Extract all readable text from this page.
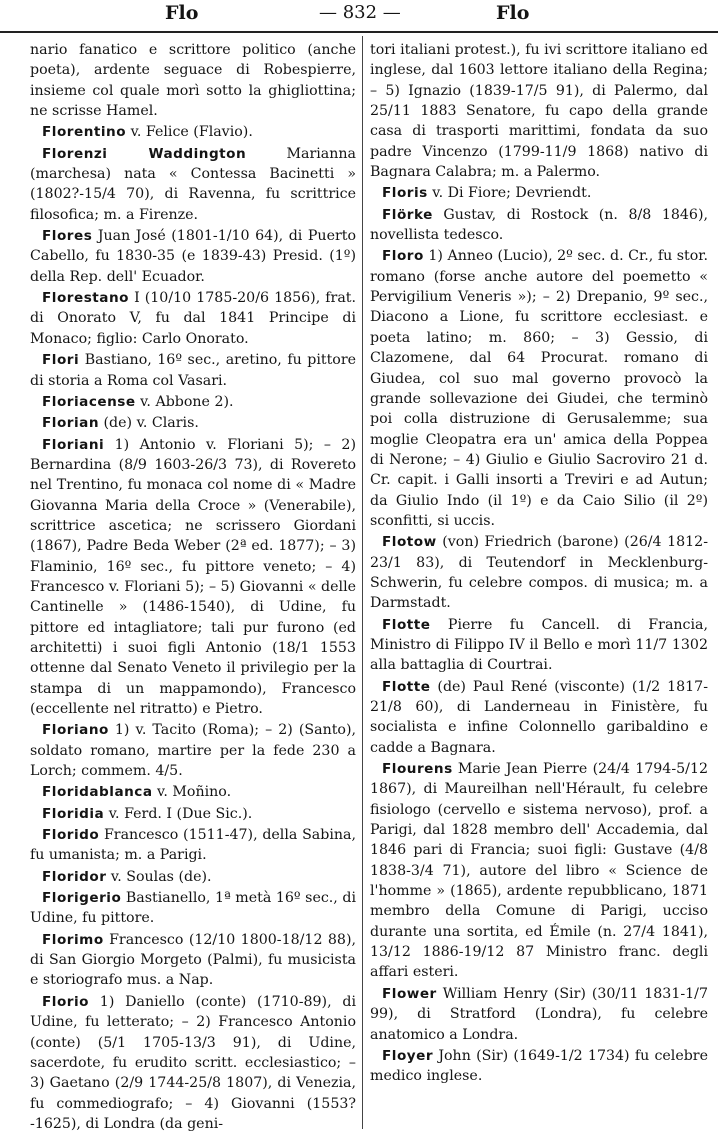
Flo	— 832 —	Flo

nario fanatico e scrittore politico (anche poeta), ardente seguace di Robespierre, insieme col quale morì sotto la ghigliottina; ne scrisse Hamel.

Florentino v. Felice (Flavio).

Florenzi Waddington Marianna (marchesa) nata « Contessa Bacinetti » (1802?-15/4 70), di Ravenna, fu scrittrice filosofica; m. a Firenze.

Flores Juan José (1801-1/10 64), di Puerto Cabello, fu 1830-35 (e 1839-43) Presid. (1º) della Rep. dell' Ecuador.

Florestano I (10/10 1785-20/6 1856), frat. di Onorato V, fu dal 1841 Principe di Monaco; figlio: Carlo Onorato.

Flori Bastiano, 16º sec., aretino, fu pittore di storia a Roma col Vasari.

Floriacense v. Abbone 2).

Florian (de) v. Claris.

Floriani 1) Antonio v. Floriani 5); – 2) Bernardina (8/9 1603-26/3 73), di Rovereto nel Trentino, fu monaca col nome di « Madre Giovanna Maria della Croce » (Venerabile), scrittrice ascetica; ne scrissero Giordani (1867), Padre Beda Weber (2ª ed. 1877); – 3) Flaminio, 16º sec., fu pittore veneto; – 4) Francesco v. Floriani 5); – 5) Giovanni « delle Cantinelle » (1486-1540), di Udine, fu pittore ed intagliatore; tali pur furono (ed architetti) i suoi figli Antonio (18/1 1553 ottenne dal Senato Veneto il privilegio per la stampa di un mappamondo), Francesco (eccellente nel ritratto) e Pietro.

Floriano 1) v. Tacito (Roma); – 2) (Santo), soldato romano, martire per la fede 230 a Lorch; commem. 4/5.

Floridablanca v. Moñino.

Floridia v. Ferd. I (Due Sic.).

Florido Francesco (1511-47), della Sabina, fu umanista; m. a Parigi.

Floridor v. Soulas (de).

Florigerio Bastianello, 1ª metà 16º sec., di Udine, fu pittore.

Florimo Francesco (12/10 1800-18/12 88), di San Giorgio Morgeto (Palmi), fu musicista e storiografo mus. a Nap.

Florio 1) Daniello (conte) (1710-89), di Udine, fu letterato; – 2) Francesco Antonio (conte) (5/1 1705-13/3 91), di Udine, sacerdote, fu erudito scritt. ecclesiastico; – 3) Gaetano (2/9 1744-25/8 1807), di Venezia, fu commediografo; – 4) Giovanni (1553?-1625), di Londra (da geni-

tori italiani protest.), fu ivi scrittore italiano ed inglese, dal 1603 lettore italiano della Regina; – 5) Ignazio (1839-17/5 91), di Palermo, dal 25/11 1883 Senatore, fu capo della grande casa di trasporti marittimi, fondata da suo padre Vincenzo (1799-11/9 1868) nativo di Bagnara Calabra; m. a Palermo.

Floris v. Di Fiore; Devriendt.

Flörke Gustav, di Rostock (n. 8/8 1846), novellista tedesco.

Floro 1) Anneo (Lucio), 2º sec. d. Cr., fu stor. romano (forse anche autore del poemetto « Pervigilium Veneris »); – 2) Drepanio, 9º sec., Diacono a Lione, fu scrittore ecclesiast. e poeta latino; m. 860; – 3) Gessio, di Clazomene, dal 64 Procurat. romano di Giudea, col suo mal governo provocò la grande sollevazione dei Giudei, che terminò poi colla distruzione di Gerusalemme; sua moglie Cleopatra era un' amica della Poppea di Nerone; – 4) Giulio e Giulio Sacroviro 21 d. Cr. capit. i Galli insorti a Treviri e ad Autun; da Giulio Indo (il 1º) e da Caio Silio (il 2º) sconfitti, si uccis.

Flotow (von) Friedrich (barone) (26/4 1812-23/1 83), di Teutendorf in Mecklenburg-Schwerin, fu celebre compos. di musica; m. a Darmstadt.

Flotte Pierre fu Cancell. di Francia, Ministro di Filippo IV il Bello e morì 11/7 1302 alla battaglia di Courtrai.

Flotte (de) Paul René (visconte) (1/2 1817-21/8 60), di Landerneau in Finistère, fu socialista e infine Colonnello garibaldino e cadde a Bagnara.

Flourens Marie Jean Pierre (24/4 1794-5/12 1867), di Maureilhan nell'Hérault, fu celebre fisiologo (cervello e sistema nervoso), prof. a Parigi, dal 1828 membro dell' Accademia, dal 1846 pari di Francia; suoi figli: Gustave (4/8 1838-3/4 71), autore del libro « Science de l'homme » (1865), ardente repubblicano, 1871 membro della Comune di Parigi, ucciso durante una sortita, ed Émile (n. 27/4 1841), 13/12 1886-19/12 87 Ministro franc. degli affari esteri.

Flower William Henry (Sir) (30/11 1831-1/7 99), di Stratford (Londra), fu celebre anatomico a Londra.

Floyer John (Sir) (1649-1/2 1734) fu celebre medico inglese.
